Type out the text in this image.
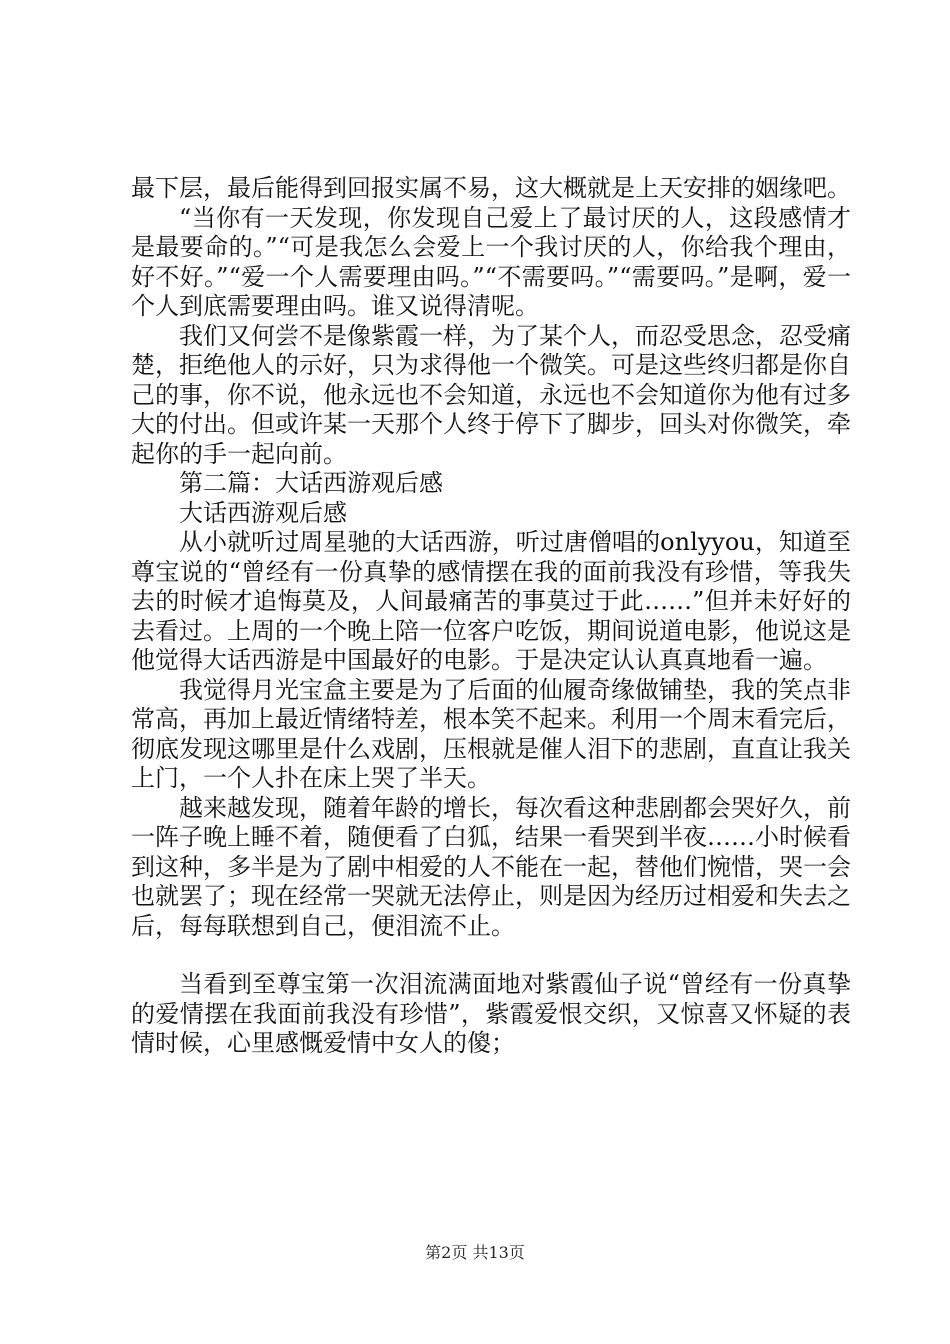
最下层，最后能得到回报实属不易，这大概就是上天安排的姻缘吧。

“当你有一天发现，你发现自己爱上了最讨厌的人，这段感情才是最要命的。”“可是我怎么会爱上一个我讨厌的人，你给我个理由，好不好。”“爱一个人需要理由吗。”“不需要吗。”“需要吗。”是啊，爱一个人到底需要理由吗。谁又说得清呢。

我们又何尝不是像紫霞一样，为了某个人，而忍受思念，忍受痛楚，拒绝他人的示好，只为求得他一个微笑。可是这些终归都是你自己的事，你不说，他永远也不会知道，永远也不会知道你为他有过多大的付出。但或许某一天那个人终于停下了脚步，回头对你微笑，牵起你的手一起向前。

第二篇：大话西游观后感

大话西游观后感

从小就听过周星驰的大话西游，听过唐僧唱的onlyyou，知道至尊宝说的“曾经有一份真挚的感情摆在我的面前我没有珍惜，等我失去的时候才追悔莫及，人间最痛苦的事莫过于此……”但并未好好的去看过。上周的一个晚上陪一位客户吃饭，期间说道电影，他说这是他觉得大话西游是中国最好的电影。于是决定认认真真地看一遍。

我觉得月光宝盒主要是为了后面的仙履奇缘做铺垫，我的笑点非常高，再加上最近情绪特差，根本笑不起来。利用一个周末看完后，彻底发现这哪里是什么戏剧，压根就是催人泪下的悲剧，直直让我关上门，一个人扑在床上哭了半天。

越来越发现，随着年龄的增长，每次看这种悲剧都会哭好久，前一阵子晚上睡不着，随便看了白狐，结果一看哭到半夜……小时候看到这种，多半是为了剧中相爱的人不能在一起，替他们惋惜，哭一会也就罢了；现在经常一哭就无法停止，则是因为经历过相爱和失去之后，每每联想到自己，便泪流不止。

当看到至尊宝第一次泪流满面地对紫霞仙子说“曾经有一份真挚的爱情摆在我面前我没有珍惜”，紫霞爱恨交织，又惊喜又怀疑的表情时候，心里感慨爱情中女人的傻；

第2页 共13页
